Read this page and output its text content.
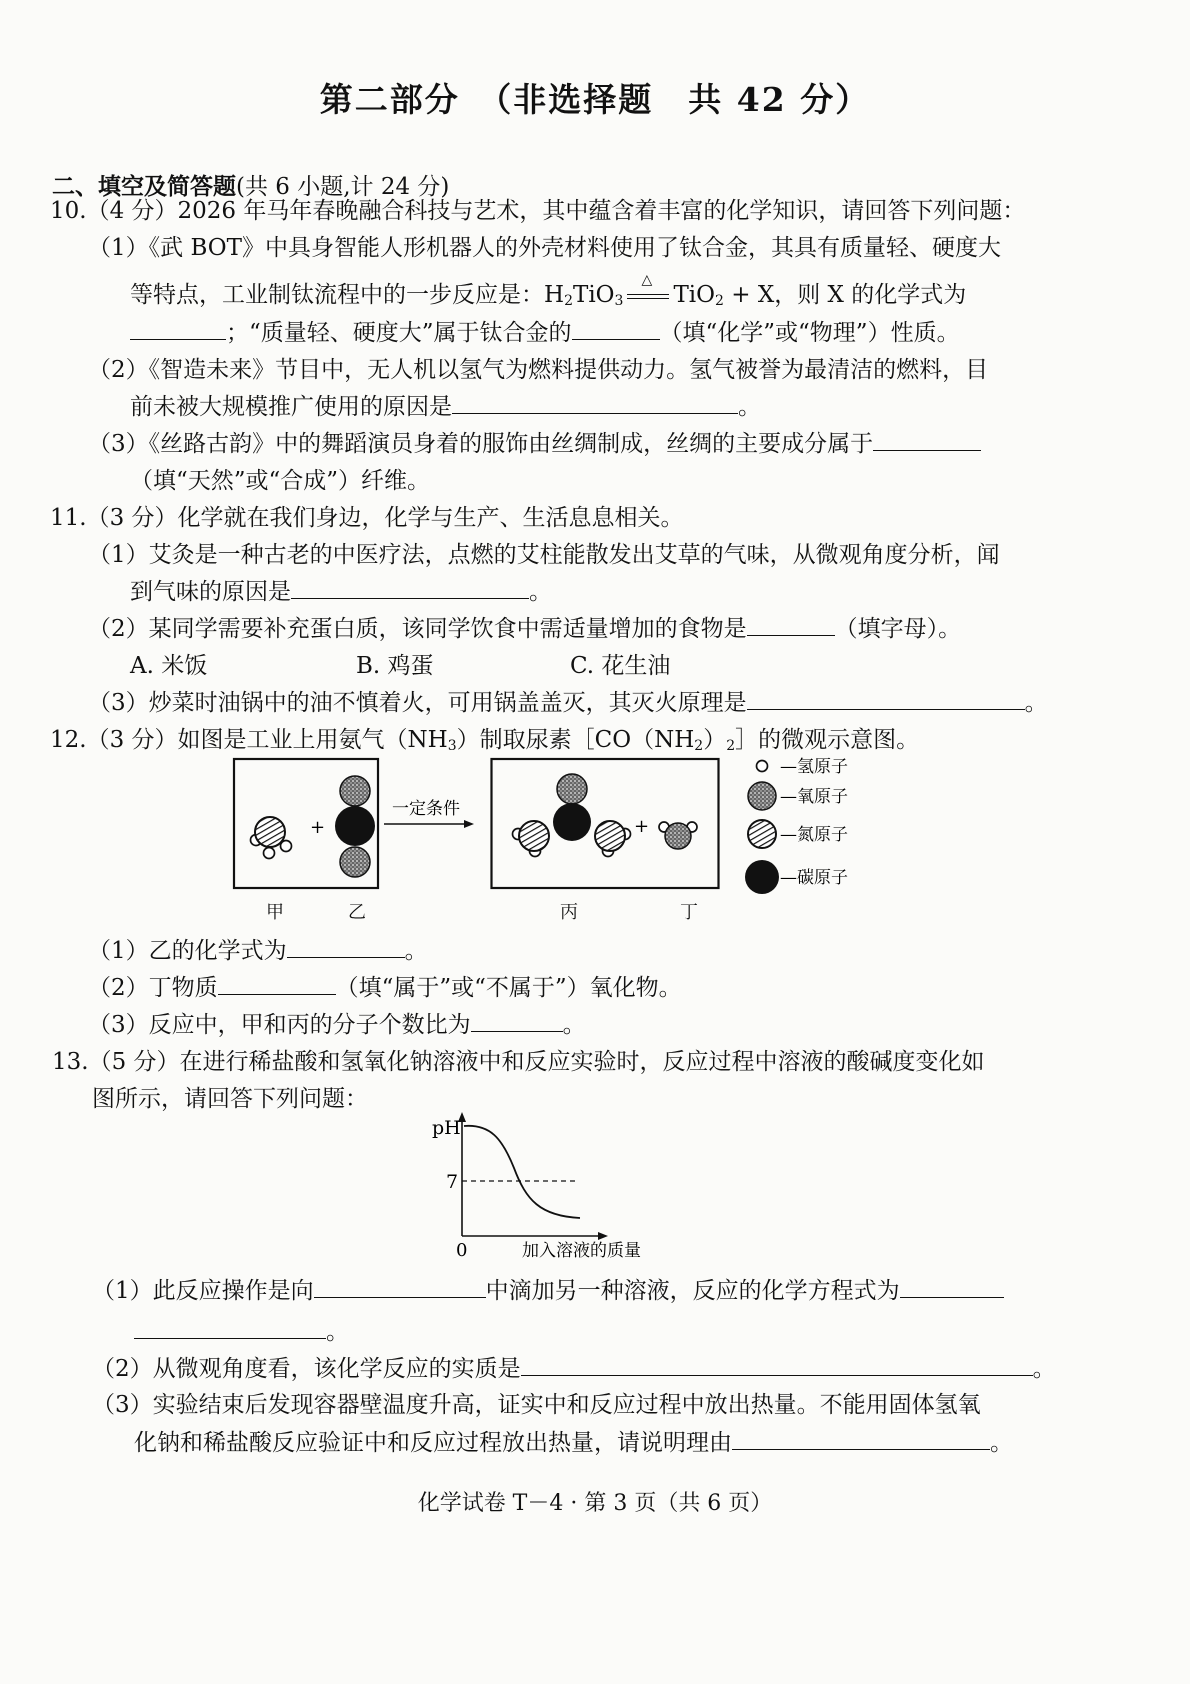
第二部分　（非选择题　共 42 分）
二、填空及简答题(共 6 小题,计 24 分)
10.（4 分）2026 年马年春晚融合科技与艺术，其中蕴含着丰富的化学知识，请回答下列问题：
（1）《武 BOT》中具身智能人形机器人的外壳材料使用了钛合金，其具有质量轻、硬度大
等特点，工业制钛流程中的一步反应是：$H_2TiO_3$
△
TiO$_2$ + X，则 X 的化学式为
；“质量轻、硬度大”属于钛合金的	（填“化学”或“物理”）性质。
（2）《智造未来》节目中，无人机以氢气为燃料提供动力。氢气被誉为最清洁的燃料，目
前未被大规模推广使用的原因是	。
（3）《丝路古韵》中的舞蹈演员身着的服饰由丝绸制成，丝绸的主要成分属于
（填“天然”或“合成”）纤维。
11.（3 分）化学就在我们身边，化学与生产、生活息息相关。
（1）艾灸是一种古老的中医疗法，点燃的艾柱能散发出艾草的气味，从微观角度分析，闻
到气味的原因是	。
（2）某同学需要补充蛋白质，该同学饮食中需适量增加的食物是	（填字母）。
A. 米饭	B. 鸡蛋	C. 花生油
（3）炒菜时油锅中的油不慎着火，可用锅盖盖灭，其灭火原理是	。
12.（3 分）如图是工业上用氨气$(NH_3)$制取尿素$[CO(NH_2)_2]$的微观示意图。
+
+
一定条件
—氢原子
—氧原子
—氮原子
—碳原子
甲	乙	丙	丁
（1）乙的化学式为	。
（2）丁物质	（填“属于”或“不属于”）氧化物。
（3）反应中，甲和丙的分子个数比为	。
13.（5 分）在进行稀盐酸和氢氧化钠溶液中和反应实验时，反应过程中溶液的酸碱度变化如
图所示，请回答下列问题：
pH
7
0	加入溶液的质量
（1）此反应操作是向	中滴加另一种溶液，反应的化学方程式为
。
（2）从微观角度看，该化学反应的实质是	。
（3）实验结束后发现容器壁温度升高，证实中和反应过程中放出热量。不能用固体氢氧
化钠和稀盐酸反应验证中和反应过程放出热量，请说明理由	。
化学试卷 T－4 · 第 3 页（共 6 页）
